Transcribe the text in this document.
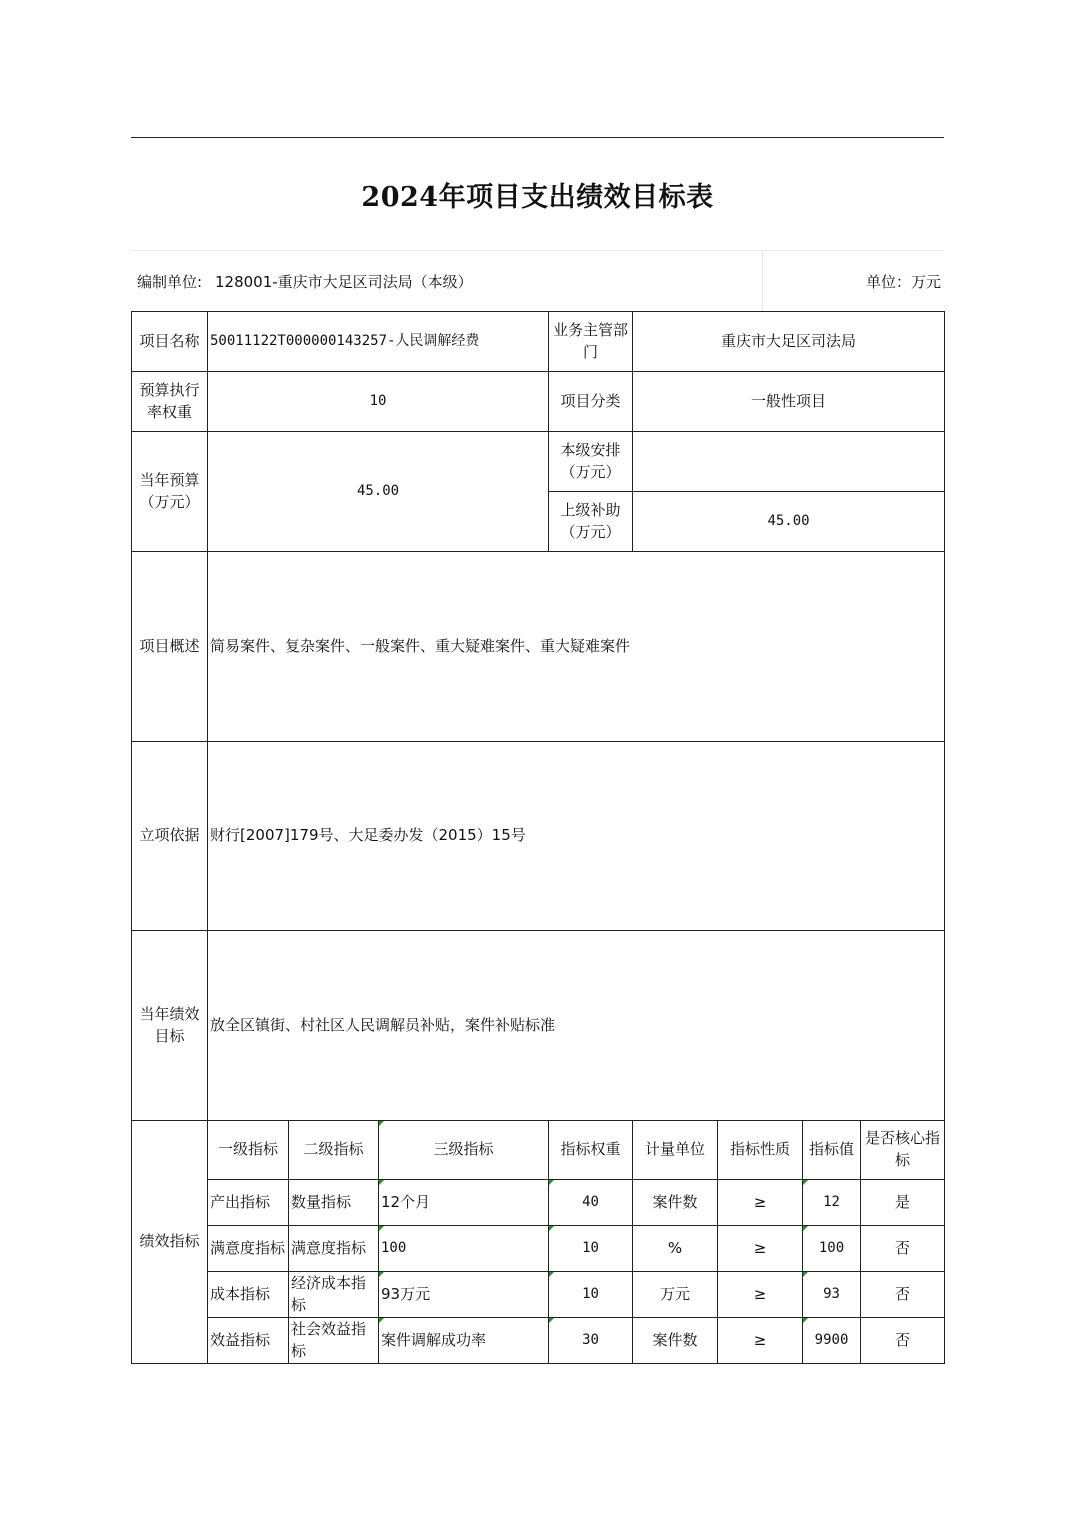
2024年项目支出绩效目标表
编制单位: 128001-重庆市大足区司法局（本级）	单位：万元
项目名称	50011122T000000143257-人民调解经费			业务主管部门	重庆市大足区司法局			
预算执行率权重	10			项目分类	一般性项目			
当年预算（万元）	45.00			本级安排（万元）				
				上级补助（万元）	45.00			
项目概述	简易案件、复杂案件、一般案件、重大疑难案件、重大疑难案件							
立项依据	财行[2007]179号、大足委办发（2015）15号							
当年绩效目标	放全区镇街、村社区人民调解员补贴，案件补贴标准							
绩效指标	一级指标	二级指标	三级指标	指标权重	计量单位	指标性质	指标值	是否核心指标
	产出指标	数量指标	12个月	40	案件数	≥	12	是
	满意度指标	满意度指标	100	10	%	≥	100	否
	成本指标	经济成本指标	93万元	10	万元	≥	93	否
	效益指标	社会效益指标	案件调解成功率	30	案件数	≥	9900	否
